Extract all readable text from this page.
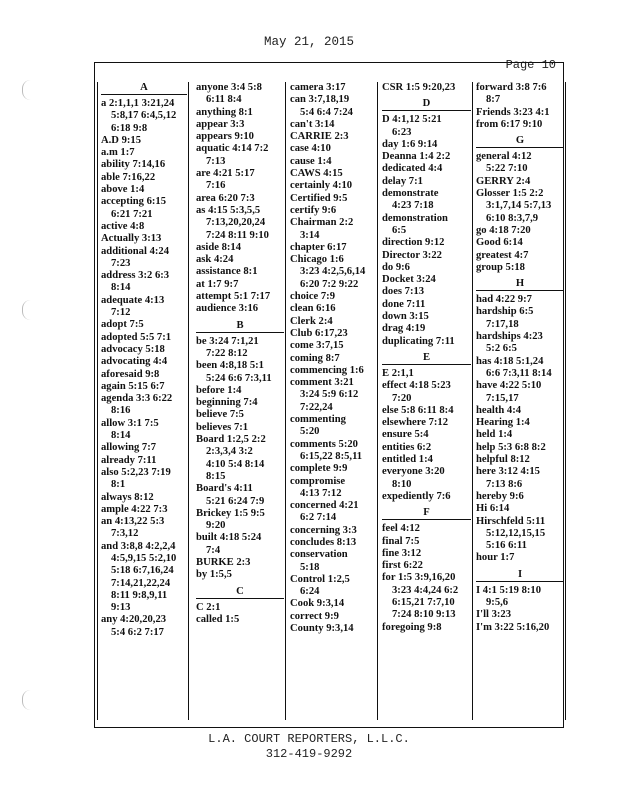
May 21, 2015
Page 10
A
a 2:1,1,1 3:21,24
5:8,17 6:4,5,12
6:18 9:8
A.D 9:15
a.m 1:7
ability 7:14,16
able 7:16,22
above 1:4
accepting 6:15
6:21 7:21
active 4:8
Actually 3:13
additional 4:24
7:23
address 3:2 6:3
8:14
adequate 4:13
7:12
adopt 7:5
adopted 5:5 7:1
advocacy 5:18
advocating 4:4
aforesaid 9:8
again 5:15 6:7
agenda 3:3 6:22
8:16
allow 3:1 7:5
8:14
allowing 7:7
already 7:11
also 5:2,23 7:19
8:1
always 8:12
ample 4:22 7:3
an 4:13,22 5:3
7:3,12
and 3:8,8 4:2,2,4
4:5,9,15 5:2,10
5:18 6:7,16,24
7:14,21,22,24
8:11 9:8,9,11
9:13
any 4:20,20,23
5:4 6:2 7:17
anyone 3:4 5:8
6:11 8:4
anything 8:1
appear 3:3
appears 9:10
aquatic 4:14 7:2
7:13
are 4:21 5:17
7:16
area 6:20 7:3
as 4:15 5:3,5,5
7:13,20,20,24
7:24 8:11 9:10
aside 8:14
ask 4:24
assistance 8:1
at 1:7 9:7
attempt 5:1 7:17
audience 3:16
B
be 3:24 7:1,21
7:22 8:12
been 4:8,18 5:1
5:24 6:6 7:3,11
before 1:4
beginning 7:4
believe 7:5
believes 7:1
Board 1:2,5 2:2
2:3,3,4 3:2
4:10 5:4 8:14
8:15
Board's 4:11
5:21 6:24 7:9
Brickey 1:5 9:5
9:20
built 4:18 5:24
7:4
BURKE 2:3
by 1:5,5
C
C 2:1
called 1:5
camera 3:17
can 3:7,18,19
5:4 6:4 7:24
can't 3:14
CARRIE 2:3
case 4:10
cause 1:4
CAWS 4:15
certainly 4:10
Certified 9:5
certify 9:6
Chairman 2:2
3:14
chapter 6:17
Chicago 1:6
3:23 4:2,5,6,14
6:20 7:2 9:22
choice 7:9
clean 6:16
Clerk 2:4
Club 6:17,23
come 3:7,15
coming 8:7
commencing 1:6
comment 3:21
3:24 5:9 6:12
7:22,24
commenting
5:20
comments 5:20
6:15,22 8:5,11
complete 9:9
compromise
4:13 7:12
concerned 4:21
6:2 7:14
concerning 3:3
concludes 8:13
conservation
5:18
Control 1:2,5
6:24
Cook 9:3,14
correct 9:9
County 9:3,14
CSR 1:5 9:20,23
D
D 4:1,12 5:21
6:23
day 1:6 9:14
Deanna 1:4 2:2
dedicated 4:4
delay 7:1
demonstrate
4:23 7:18
demonstration
6:5
direction 9:12
Director 3:22
do 9:6
Docket 3:24
does 7:13
done 7:11
down 3:15
drag 4:19
duplicating 7:11
E
E 2:1,1
effect 4:18 5:23
7:20
else 5:8 6:11 8:4
elsewhere 7:12
ensure 5:4
entities 6:2
entitled 1:4
everyone 3:20
8:10
expediently 7:6
F
feel 4:12
final 7:5
fine 3:12
first 6:22
for 1:5 3:9,16,20
3:23 4:4,24 6:2
6:15,21 7:7,10
7:24 8:10 9:13
foregoing 9:8
forward 3:8 7:6
8:7
Friends 3:23 4:1
from 6:17 9:10
G
general 4:12
5:22 7:10
GERRY 2:4
Glosser 1:5 2:2
3:1,7,14 5:7,13
6:10 8:3,7,9
go 4:18 7:20
Good 6:14
greatest 4:7
group 5:18
H
had 4:22 9:7
hardship 6:5
7:17,18
hardships 4:23
5:2 6:5
has 4:18 5:1,24
6:6 7:3,11 8:14
have 4:22 5:10
7:15,17
health 4:4
Hearing 1:4
held 1:4
help 5:3 6:8 8:2
helpful 8:12
here 3:12 4:15
7:13 8:6
hereby 9:6
Hi 6:14
Hirschfeld 5:11
5:12,12,15,15
5:16 6:11
hour 1:7
I
I 4:1 5:19 8:10
9:5,6
I'll 3:23
I'm 3:22 5:16,20
L.A. COURT REPORTERS, L.L.C.
312-419-9292
